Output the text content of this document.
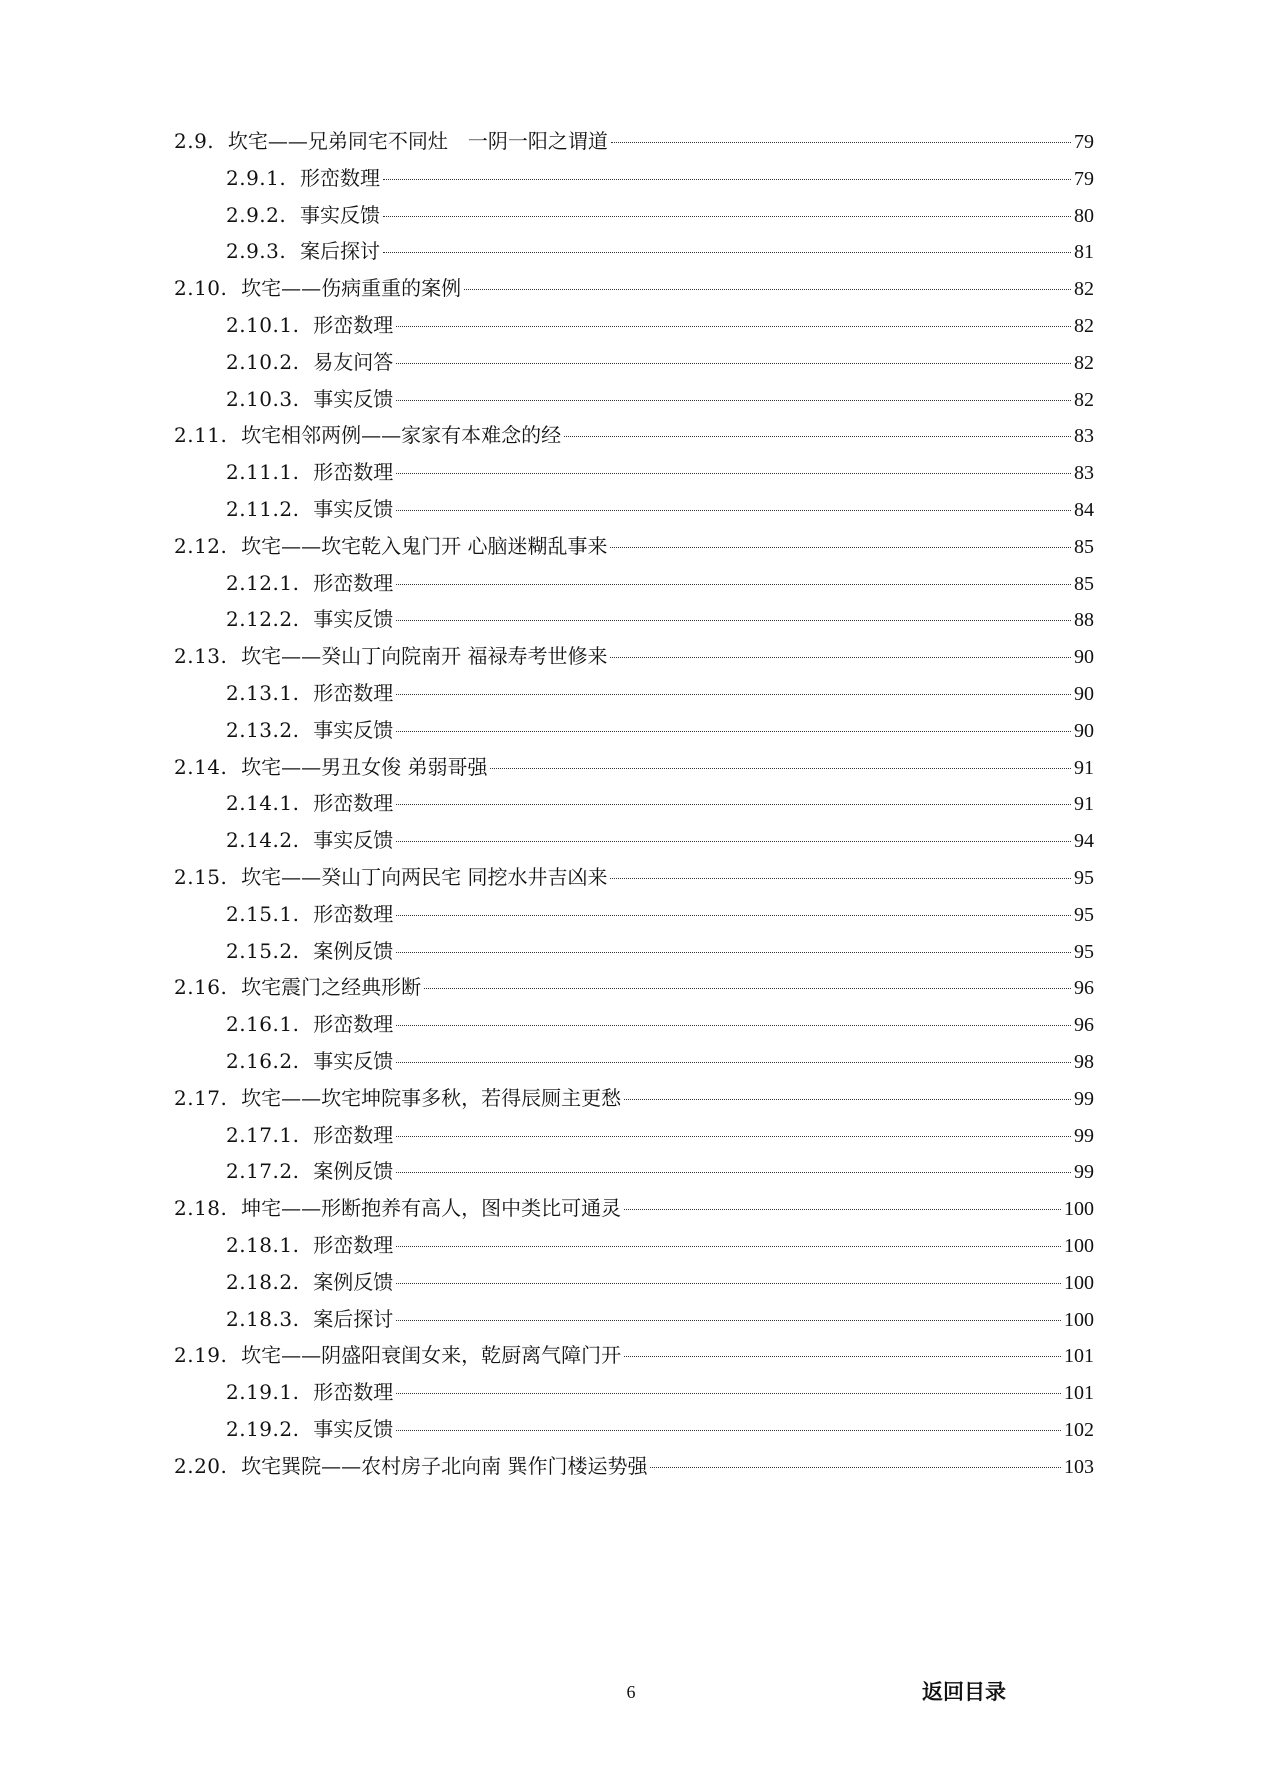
2.9. 坎宅——兄弟同宅不同灶　一阴一阳之谓道	79
2.9.1. 形峦数理	79
2.9.2. 事实反馈	80
2.9.3. 案后探讨	81
2.10. 坎宅——伤病重重的案例	82
2.10.1. 形峦数理	82
2.10.2. 易友问答	82
2.10.3. 事实反馈	82
2.11. 坎宅相邻两例——家家有本难念的经	83
2.11.1. 形峦数理	83
2.11.2. 事实反馈	84
2.12. 坎宅——坎宅乾入鬼门开 心脑迷糊乱事来	85
2.12.1. 形峦数理	85
2.12.2. 事实反馈	88
2.13. 坎宅——癸山丁向院南开 福禄寿考世修来	90
2.13.1. 形峦数理	90
2.13.2. 事实反馈	90
2.14. 坎宅——男丑女俊 弟弱哥强	91
2.14.1. 形峦数理	91
2.14.2. 事实反馈	94
2.15. 坎宅——癸山丁向两民宅 同挖水井吉凶来	95
2.15.1. 形峦数理	95
2.15.2. 案例反馈	95
2.16. 坎宅震门之经典形断	96
2.16.1. 形峦数理	96
2.16.2. 事实反馈	98
2.17. 坎宅——坎宅坤院事多秋，若得辰厕主更愁	99
2.17.1. 形峦数理	99
2.17.2. 案例反馈	99
2.18. 坤宅——形断抱养有高人，图中类比可通灵	100
2.18.1. 形峦数理	100
2.18.2. 案例反馈	100
2.18.3. 案后探讨	100
2.19. 坎宅——阴盛阳衰闺女来，乾厨离气障门开	101
2.19.1. 形峦数理	101
2.19.2. 事实反馈	102
2.20. 坎宅巽院——农村房子北向南 巽作门楼运势强	103
6	返回目录
